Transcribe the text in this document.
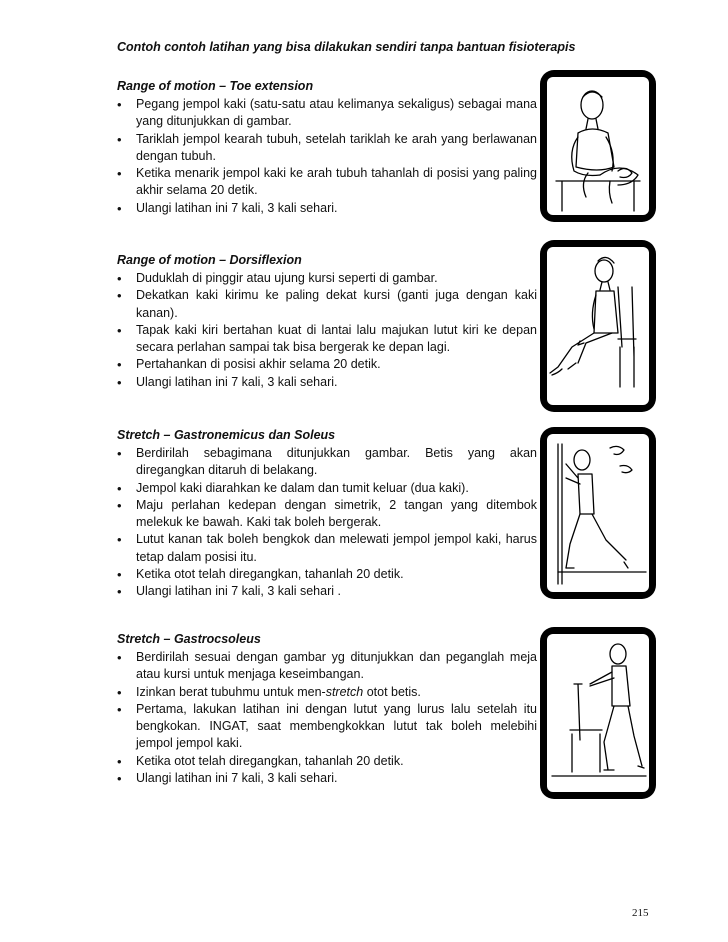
Contoh contoh latihan yang bisa dilakukan sendiri tanpa bantuan fisioterapis
Range of motion – Toe extension
• Pegang jempol kaki (satu-satu atau kelimanya sekaligus) sebagai mana yang ditunjukkan di gambar.
• Tariklah jempol kearah tubuh, setelah tariklah ke arah yang berlawanan dengan tubuh.
• Ketika menarik jempol kaki ke arah tubuh tahanlah di posisi yang paling akhir selama 20 detik.
• Ulangi latihan ini 7 kali, 3 kali sehari.
Range of motion – Dorsiflexion
• Duduklah di pinggir atau ujung kursi seperti di gambar.
• Dekatkan kaki kirimu ke paling dekat kursi (ganti juga dengan kaki kanan).
• Tapak kaki kiri bertahan kuat di lantai lalu majukan lutut kiri ke depan secara perlahan sampai tak bisa bergerak ke depan lagi.
• Pertahankan di posisi akhir selama 20 detik.
• Ulangi latihan ini 7 kali, 3 kali sehari.
Stretch – Gastronemicus dan Soleus
• Berdirilah sebagimana ditunjukkan gambar. Betis yang akan diregangkan ditaruh di belakang.
• Jempol kaki diarahkan ke dalam dan tumit keluar (dua kaki).
• Maju perlahan kedepan dengan simetrik, 2 tangan yang ditembok melekuk ke bawah. Kaki tak boleh bergerak.
• Lutut kanan tak boleh bengkok dan melewati jempol jempol kaki, harus tetap dalam posisi itu.
• Ketika otot telah diregangkan, tahanlah 20 detik.
• Ulangi latihan ini 7 kali, 3 kali sehari .
Stretch – Gastrocsoleus
• Berdirilah sesuai dengan gambar yg ditunjukkan dan peganglah meja atau kursi untuk menjaga keseimbangan.
• Izinkan berat tubuhmu untuk men-stretch otot betis.
• Pertama, lakukan latihan ini dengan lutut yang lurus lalu setelah itu bengkokan. INGAT, saat membengkokkan lutut tak boleh melebihi jempol jempol kaki.
• Ketika otot telah diregangkan, tahanlah 20 detik.
• Ulangi latihan ini 7 kali, 3 kali sehari.
215
